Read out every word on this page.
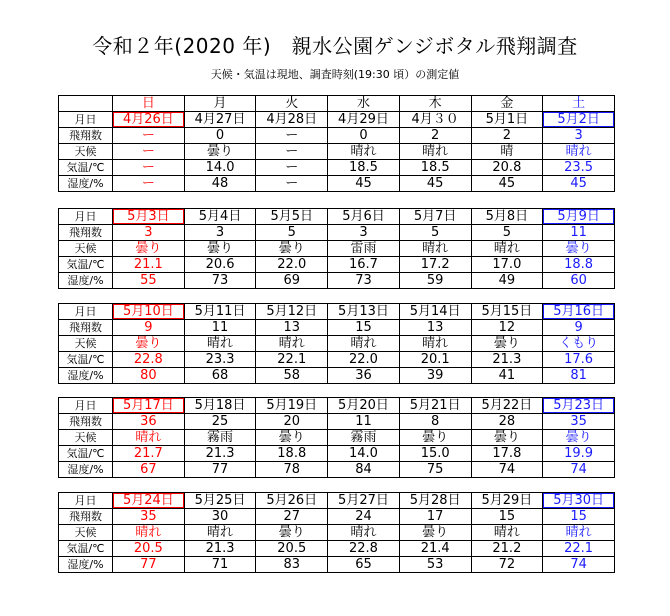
令和２年(2020 年)　親水公園ゲンジボタル飛翔調査
天候・気温は現地、調査時刻(19:30 頃）の測定値
	日	月	火	水	木	金	土
月日	4月26日	4月27日	4月28日	4月29日	4月３０	5月1日	5月2日
飛翔数	ー	0	ー	0	2	2	3
天候	ー	曇り	ー	晴れ	晴れ	晴	晴れ
気温/℃	ー	14.0	ー	18.5	18.5	20.8	23.5
湿度/%	ー	48	ー	45	45	45	45
月日	5月3日	5月4日	5月5日	5月6日	5月7日	5月8日	5月9日
飛翔数	3	3	5	3	5	5	11
天候	曇り	曇り	曇り	雷雨	晴れ	晴れ	曇り
気温/℃	21.1	20.6	22.0	16.7	17.2	17.0	18.8
湿度/%	55	73	69	73	59	49	60
月日	5月10日	5月11日	5月12日	5月13日	5月14日	5月15日	5月16日
飛翔数	9	11	13	15	13	12	9
天候	曇り	晴れ	晴れ	晴れ	晴れ	曇り	くもり
気温/℃	22.8	23.3	22.1	22.0	20.1	21.3	17.6
湿度/%	80	68	58	36	39	41	81
月日	5月17日	5月18日	5月19日	5月20日	5月21日	5月22日	5月23日
飛翔数	36	25	20	11	8	28	35
天候	晴れ	霧雨	曇り	霧雨	曇り	曇り	曇り
気温/℃	21.7	21.3	18.8	14.0	15.0	17.8	19.9
湿度/%	67	77	78	84	75	74	74
月日	5月24日	5月25日	5月26日	5月27日	5月28日	5月29日	5月30日
飛翔数	35	30	27	24	17	15	15
天候	晴れ	晴れ	曇り	晴れ	曇り	晴れ	晴れ
気温/℃	20.5	21.3	20.5	22.8	21.4	21.2	22.1
湿度/%	77	71	83	65	53	72	74
